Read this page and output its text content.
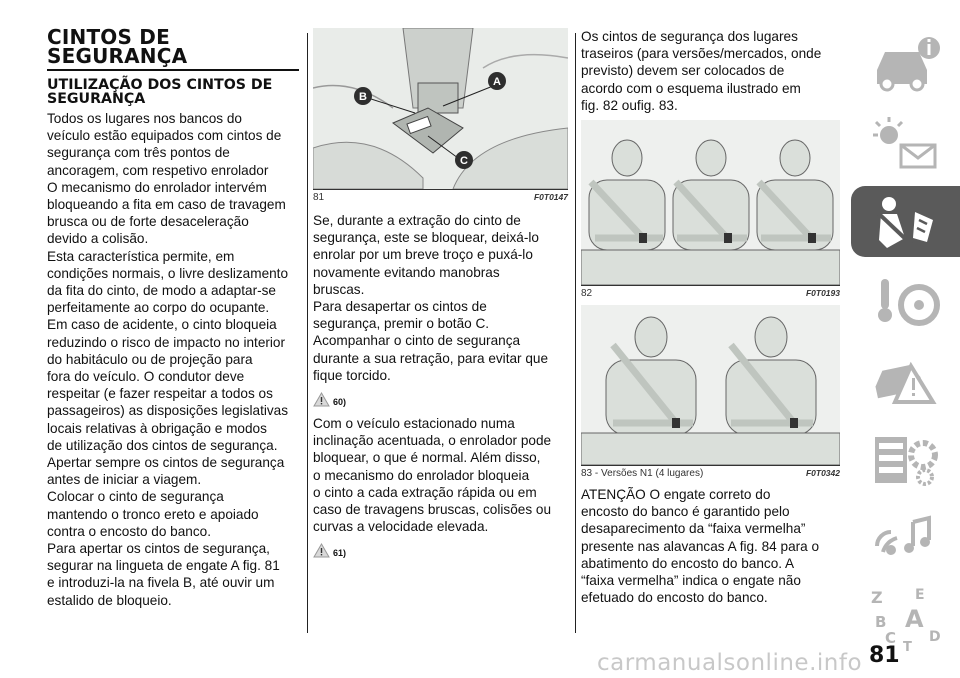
CINTOS DE SEGURANÇA
UTILIZAÇÃO DOS CINTOS DE SEGURANÇA

Todos os lugares nos bancos do
veículo estão equipados com cintos de
segurança com três pontos de
ancoragem, com respetivo enrolador
O mecanismo do enrolador intervém
bloqueando a fita em caso de travagem
brusca ou de forte desaceleração
devido a colisão.
Esta característica permite, em
condições normais, o livre deslizamento
da fita do cinto, de modo a adaptar-se
perfeitamente ao corpo do ocupante.
Em caso de acidente, o cinto bloqueia
reduzindo o risco de impacto no interior
do habitáculo ou de projeção para
fora do veículo. O condutor deve
respeitar (e fazer respeitar a todos os
passageiros) as disposições legislativas
locais relativas à obrigação e modos
de utilização dos cintos de segurança.
Apertar sempre os cintos de segurança
antes de iniciar a viagem.
Colocar o cinto de segurança
mantendo o tronco ereto e apoiado
contra o encosto do banco.
Para apertar os cintos de segurança,
segurar na lingueta de engate A fig. 81
e introduzi-la na fivela B, até ouvir um
estalido de bloqueio.

B
A
C
81	F0T0147

Se, durante a extração do cinto de
segurança, este se bloquear, deixá-lo
enrolar por um breve troço e puxá-lo
novamente evitando manobras
bruscas.
Para desapertar os cintos de
segurança, premir o botão C.
Acompanhar o cinto de segurança
durante a sua retração, para evitar que
fique torcido.

60)

Com o veículo estacionado numa
inclinação acentuada, o enrolador pode
bloquear, o que é normal. Além disso,
o mecanismo do enrolador bloqueia
o cinto a cada extração rápida ou em
caso de travagens bruscas, colisões ou
curvas a velocidade elevada.

61)

Os cintos de segurança dos lugares
traseiros (para versões/mercados, onde
previsto) devem ser colocados de
acordo com o esquema ilustrado em
fig. 82 oufig. 83.

82	F0T0193
83 - Versões N1 (4 lugares)	F0T0342

ATENÇÃO O engate correto do
encosto do banco é garantido pelo
desaparecimento da “faixa vermelha”
presente nas alavancas A fig. 84 para o
abatimento do encosto do banco. A
“faixa vermelha” indica o engate não
efetuado do encosto do banco.	Z E
B A
C D
T
81
carmanualsonline.info
